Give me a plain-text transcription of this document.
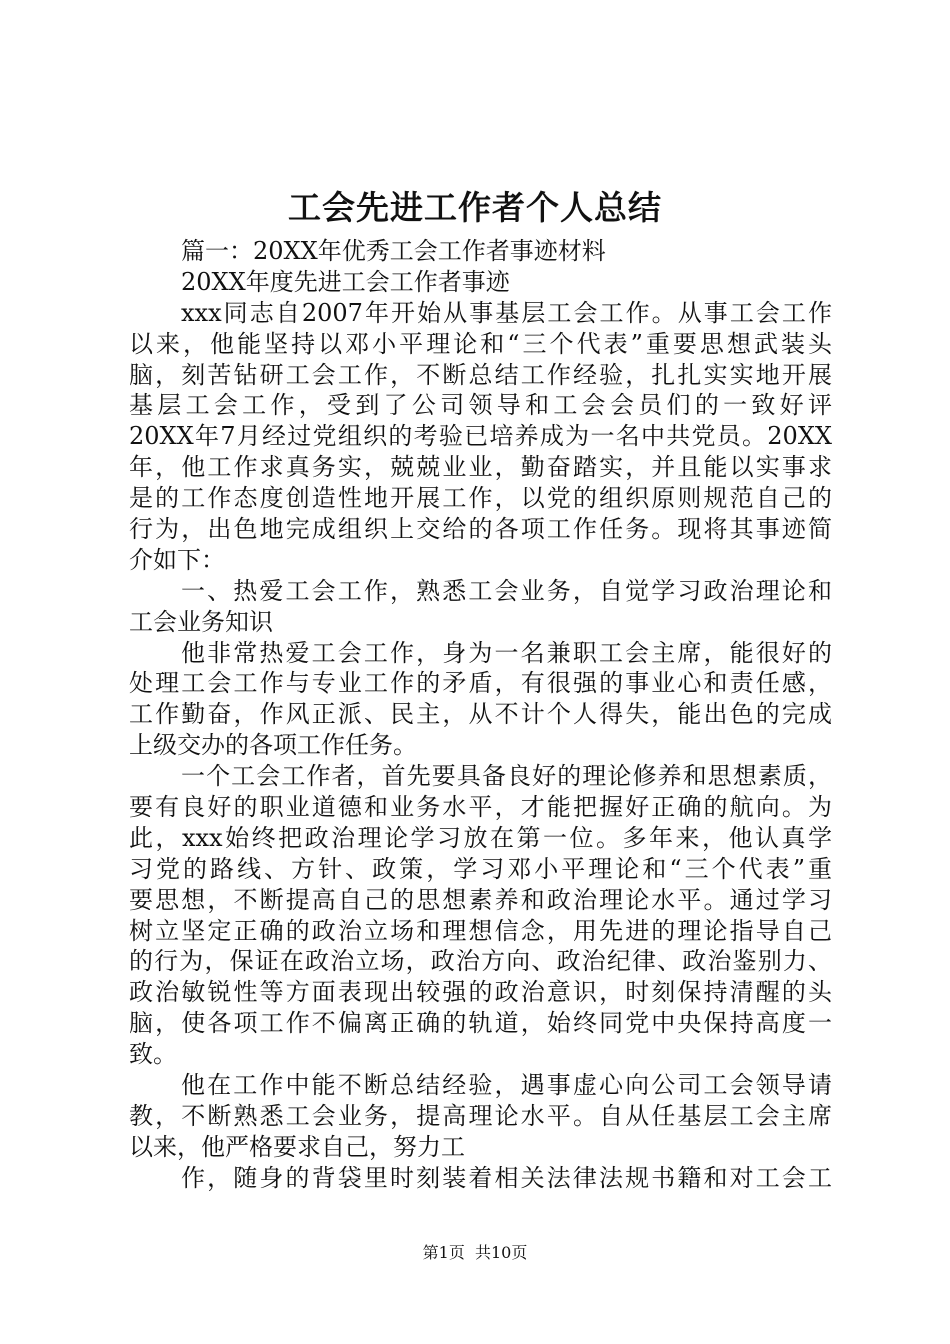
工会先进工作者个人总结
篇一：20XX年优秀工会工作者事迹材料
20XX年度先进工会工作者事迹
xxx同志自2007年开始从事基层工会工作。从事工会工作
以来，他能坚持以邓小平理论和“三个代表”重要思想武装头
脑，刻苦钻研工会工作，不断总结工作经验，扎扎实实地开展
基层工会工作，受到了公司领导和工会会员们的一致好评
20XX年7月经过党组织的考验已培养成为一名中共党员。20XX
年，他工作求真务实，兢兢业业，勤奋踏实，并且能以实事求
是的工作态度创造性地开展工作，以党的组织原则规范自己的
行为，出色地完成组织上交给的各项工作任务。现将其事迹简
介如下：
一、热爱工会工作，熟悉工会业务，自觉学习政治理论和
工会业务知识
他非常热爱工会工作，身为一名兼职工会主席，能很好的
处理工会工作与专业工作的矛盾，有很强的事业心和责任感，
工作勤奋，作风正派、民主，从不计个人得失，能出色的完成
上级交办的各项工作任务。
一个工会工作者，首先要具备良好的理论修养和思想素质，
要有良好的职业道德和业务水平，才能把握好正确的航向。为
此，xxx始终把政治理论学习放在第一位。多年来，他认真学
习党的路线、方针、政策，学习邓小平理论和“三个代表”重
要思想，不断提高自己的思想素养和政治理论水平。通过学习
树立坚定正确的政治立场和理想信念，用先进的理论指导自己
的行为，保证在政治立场，政治方向、政治纪律、政治鉴别力、
政治敏锐性等方面表现出较强的政治意识，时刻保持清醒的头
脑，使各项工作不偏离正确的轨道，始终同党中央保持高度一
致。
他在工作中能不断总结经验，遇事虚心向公司工会领导请
教，不断熟悉工会业务，提高理论水平。自从任基层工会主席
以来，他严格要求自己，努力工
作，随身的背袋里时刻装着相关法律法规书籍和对工会工
第1页  共10页
